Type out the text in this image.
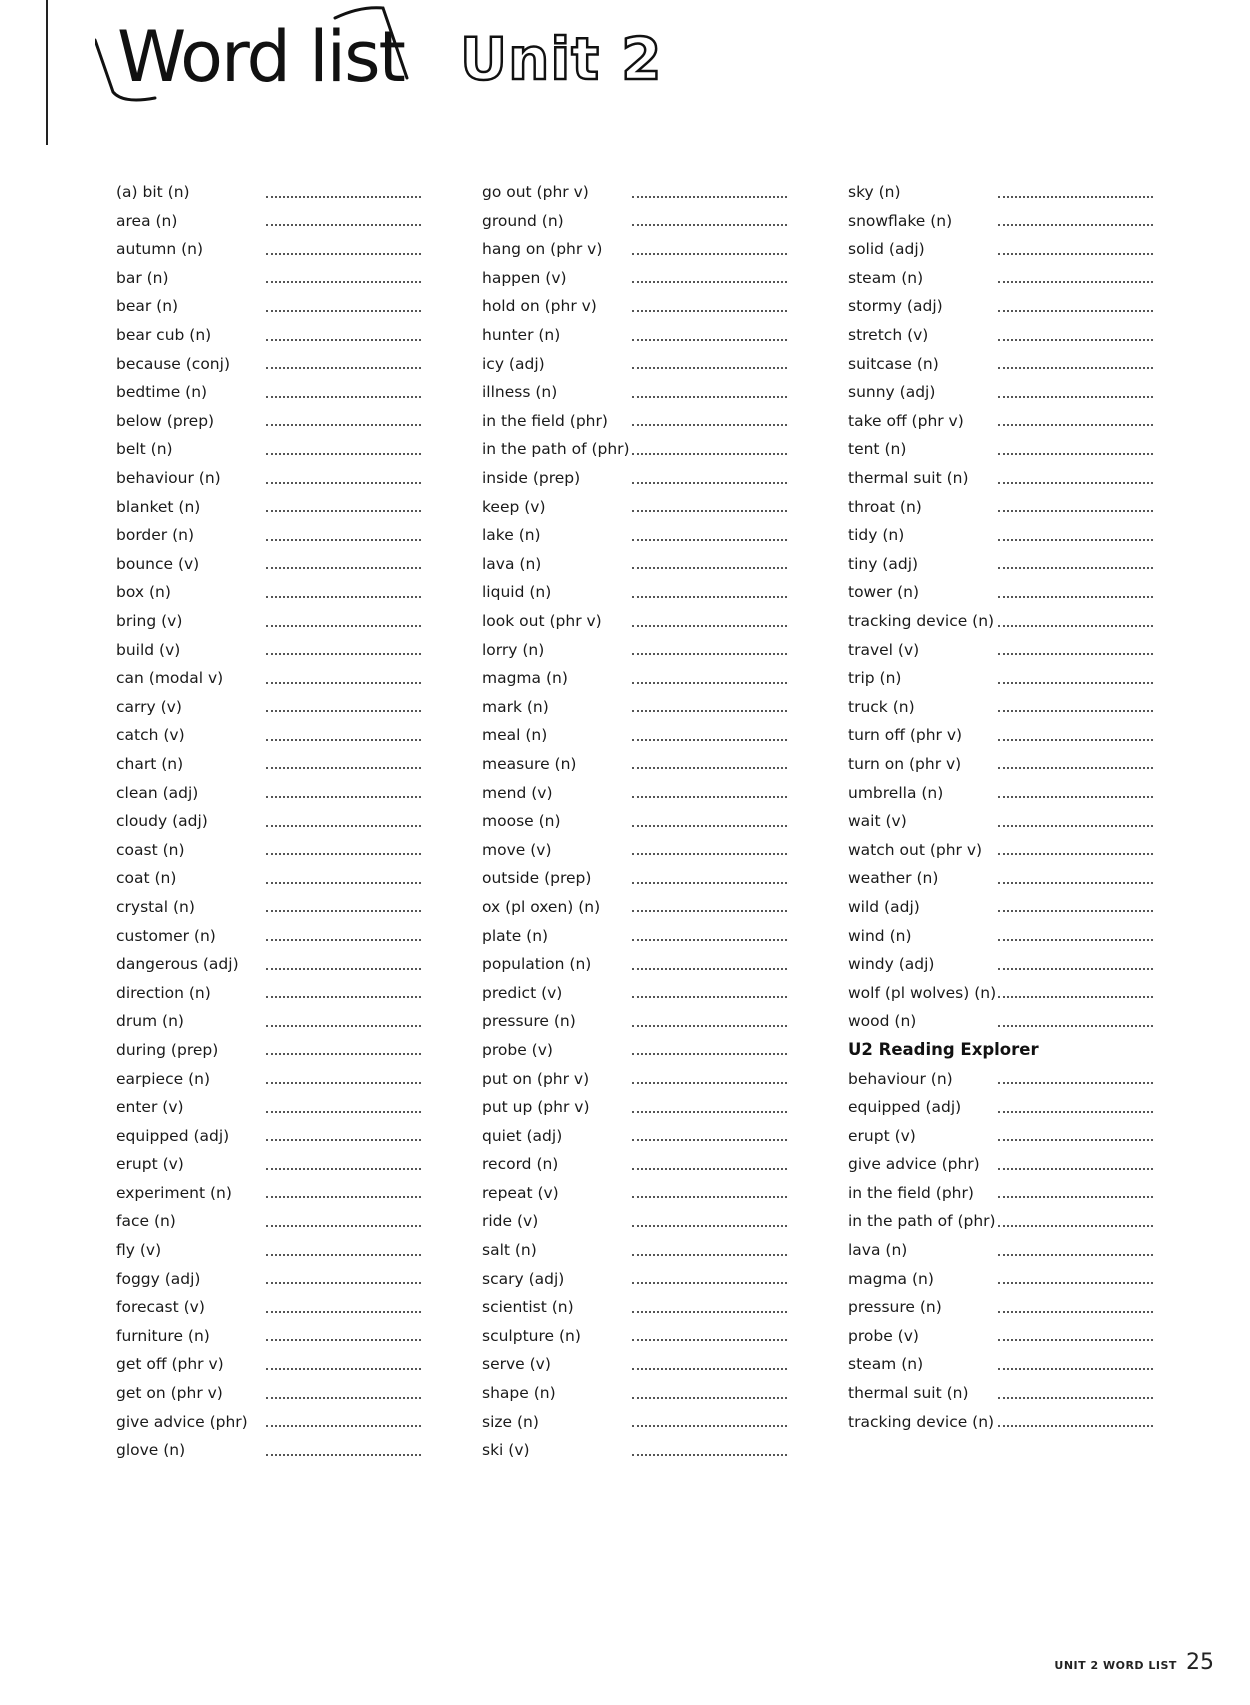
Word list Unit 2
(a) bit (n)
area (n)
autumn (n)
bar (n)
bear (n)
bear cub (n)
because (conj)
bedtime (n)
below (prep)
belt (n)
behaviour (n)
blanket (n)
border (n)
bounce (v)
box (n)
bring (v)
build (v)
can (modal v)
carry (v)
catch (v)
chart (n)
clean (adj)
cloudy (adj)
coast (n)
coat (n)
crystal (n)
customer (n)
dangerous (adj)
direction (n)
drum (n)
during (prep)
earpiece (n)
enter (v)
equipped (adj)
erupt (v)
experiment (n)
face (n)
fly (v)
foggy (adj)
forecast (v)
furniture (n)
get off (phr v)
get on (phr v)
give advice (phr)
glove (n)
go out (phr v)
ground (n)
hang on (phr v)
happen (v)
hold on (phr v)
hunter (n)
icy (adj)
illness (n)
in the field (phr)
in the path of (phr)
inside (prep)
keep (v)
lake (n)
lava (n)
liquid (n)
look out (phr v)
lorry (n)
magma (n)
mark (n)
meal (n)
measure (n)
mend (v)
moose (n)
move (v)
outside (prep)
ox (pl oxen) (n)
plate (n)
population (n)
predict (v)
pressure (n)
probe (v)
put on (phr v)
put up (phr v)
quiet (adj)
record (n)
repeat (v)
ride (v)
salt (n)
scary (adj)
scientist (n)
sculpture (n)
serve (v)
shape (n)
size (n)
ski (v)
sky (n)
snowflake (n)
solid (adj)
steam (n)
stormy (adj)
stretch (v)
suitcase (n)
sunny (adj)
take off (phr v)
tent (n)
thermal suit (n)
throat (n)
tidy (n)
tiny (adj)
tower (n)
tracking device (n)
travel (v)
trip (n)
truck (n)
turn off (phr v)
turn on (phr v)
umbrella (n)
wait (v)
watch out (phr v)
weather (n)
wild (adj)
wind (n)
windy (adj)
wolf (pl wolves) (n)
wood (n)
U2 Reading Explorer
behaviour (n)
equipped (adj)
erupt (v)
give advice (phr)
in the field (phr)
in the path of (phr)
lava (n)
magma (n)
pressure (n)
probe (v)
steam (n)
thermal suit (n)
tracking device (n)
UNIT 2 WORD LIST 25
